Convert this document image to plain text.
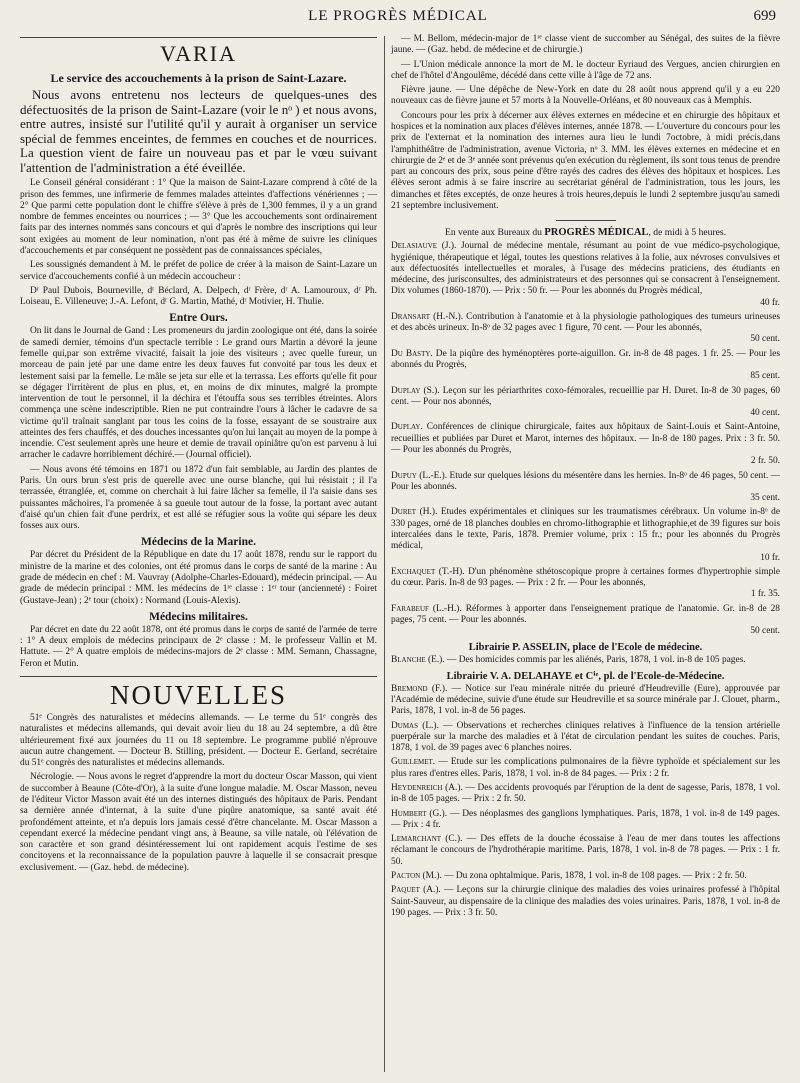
LE PROGRÈS MÉDICAL	699
VARIA
Le service des accouchements à la prison de Saint-Lazare.
Nous avons entretenu nos lecteurs de quelques-unes des défectuosités de la prison de Saint-Lazare (voir le nᵒ ) et nous avons, entre autres, insisté sur l'utilité qu'il y aurait à organiser un service spécial de femmes enceintes, de femmes en couches et de nourrices. La question vient de faire un nouveau pas et par le vœu suivant l'attention de l'administration a été éveillée.

Le Conseil général considérant : 1° Que la maison de Saint-Lazare comprend à côté de la prison des femmes, une infirmerie de femmes malades atteintes d'affections vénériennes ; — 2° Que parmi cette population dont le chiffre s'élève à près de 1,300 femmes, il y a un grand nombre de femmes enceintes ou nourrices ; — 3° Que les accouchements sont ordinairement faits par des internes nommés sans concours et qui d'après le nombre des inscriptions qui leur sont exigées au moment de leur nomination, n'ont pas été à même de suivre les cliniques d'accouchements et par conséquent ne possèdent pas de connaissances spéciales,

Les soussignés demandent à M. le préfet de police de créer à la maison de Saint-Lazare un service d'accouchements confié à un médecin accoucheur :

Dʳ Paul Dubois, Bourneville, dʳ Béclard, A. Delpech, dʳ Frère, dʳ A. Lamouroux, dʳ Ph. Loiseau, E. Villeneuve; J.-A. Lefont, dʳ G. Martin, Mathé, dʳ Motivier, H. Thulie.

Entre Ours.

On lit dans le Journal de Gand : Les promeneurs du jardin zoologique ont été, dans la soirée de samedi dernier, témoins d'un spectacle terrible : Le grand ours Martin a dévoré la jeune femelle qui,par son extrême vivacité, faisait la joie des visiteurs ; avec quelle fureur, un morceau de pain jeté par une dame entre les deux fauves fut convoité par tous les deux et lestement saisi par la femelle. Le mâle se jeta sur elle et la terrassa. Les efforts qu'elle fit pour se dégager l'irritèrent de plus en plus, et, en moins de dix minutes, malgré la prompte intervention de tout le personnel, il la déchira et l'étouffa sous ses terribles étreintes. Alors commença une scène indescriptible. Rien ne put contraindre l'ours à lâcher le cadavre de sa victime qu'il traînait sanglant par tous les coins de la fosse, essayant de se soustraire aux atteintes des fers chauffés, et des douches incessantes qu'on lui lançait au moyen de la pompe à incendie. C'est seulement après une heure et demie de travail opiniâtre qu'on est parvenu à lui arracher le cadavre horriblement déchiré.— (Journal officiel).

— Nous avons été témoins en 1871 ou 1872 d'un fait semblable, au Jardin des plantes de Paris. Un ours brun s'est pris de querelle avec une ourse blanche, qui lui résistait ; il l'a terrassée, étranglée, et, comme on cherchait à lui faire lâcher sa femelle, il l'a saisie dans ses puissantes mâchoires, l'a promenée à sa gueule tout autour de la fosse, la portant avec autant d'aisé qu'un chien fait d'une perdrix, et est allé se réfugier sous la voûte qui sépare les deux fosses aux ours.

Médecins de la Marine.

Par décret du Président de la République en date du 17 août 1878, rendu sur le rapport du ministre de la marine et des colonies, ont été promus dans le corps de santé de la marine : Au grade de médecin en chef : M. Vauvray (Adolphe-Charles-Edouard), médecin principal. — Au grade de médecin principal : MM. les médecins de 1ʳᵉ classe : 1ᵉʳ tour (ancienneté) : Foiret (Gustave-Jean) ; 2ᵉ tour (choix) : Normand (Louis-Alexis).

Médecins militaires.

Par décret en date du 22 août 1878, ont été promus dans le corps de santé de l'armée de terre : 1° A deux emplois de médecins principaux de 2ᵉ classe : M. le professeur Vallin et M. Hattute. — 2° A quatre emplois de médecins-majors de 2ᵉ classe : MM. Semann, Chassagne, Feron et Mutin.

NOUVELLES

51ᵉ Congrès des naturalistes et médecins allemands. — Le terme du 51ᵉ congrès des naturalistes et médecins allemands, qui devait avoir lieu du 18 au 24 septembre, a dû être ultérieurement fixé aux journées du 11 ou 18 septembre. Le programme publié n'éprouve aucun autre changement. — Docteur B. Stilling, président. — Docteur E. Gerland, secrétaire du 51ᵉ congrès des naturalistes et médecins allemands.

Nécrologie. — Nous avons le regret d'apprendre la mort du docteur Oscar Masson, qui vient de succomber à Beaune (Côte-d'Or), à la suite d'une longue maladie. M. Oscar Masson, neveu de l'éditeur Victor Masson avait été un des internes distingués des hôpitaux de Paris. Pendant sa dernière année d'internat, à la suite d'une piqûre anatomique, sa santé avait été profondément atteinte, et n'a depuis lors jamais cessé d'être chancelante. M. Oscar Masson a cependant exercé la médecine pendant vingt ans, à Beaune, sa ville natale, où l'élévation de son caractère et son grand désintéressement lui ont rapidement acquis l'estime de ses concitoyens et la reconnaissance de la population pauvre à laquelle il se consacrait presque exclusivement. — (Gaz. hebd. de médecine).

— M. Bellom, médecin-major de 1ʳᵉ classe vient de succomber au Sénégal, des suites de la fièvre jaune. — (Gaz. hebd. de médecine et de chirurgie.)

— L'Union médicale annonce la mort de M. le docteur Eyriaud des Vergues, ancien chirurgien en chef de l'hôtel d'Angoulême, décédé dans cette ville à l'âge de 72 ans.

Fièvre jaune. — Une dépêche de New-York en date du 28 août nous apprend qu'il y a eu 220 nouveaux cas de fièvre jaune et 57 morts à la Nouvelle-Orléans, et 80 nouveaux cas à Memphis.

Concours pour les prix à décerner aux élèves externes en médecine et en chirurgie des hôpitaux et hospices et la nomination aux places d'élèves internes, année 1878. — L'ouverture du concours pour les prix de l'externat et la nomination des internes aura lieu le lundi 7octobre, à midi précis,dans l'amphithéâtre de l'administration, avenue Victoria, nᵒ 3. MM. les élèves externes en médecine et en chirurgie de 2ᵉ et de 3ᵉ année sont prévenus qu'en exécution du règlement, ils sont tous tenus de prendre part au concours des prix, sous peine d'être rayés des cadres des élèves des hôpitaux et hospices. Les élèves seront admis à se faire inscrire au secrétariat général de l'administration, tous les jours, les dimanches et fêtes exceptés, de onze heures à trois heures,depuis le lundi 2 septembre jusqu'au samedi 21 septembre inclusivement.

En vente aux Bureaux du PROGRÈS MÉDICAL, de midi à 5 heures.
Delasiauve (J.). Journal de médecine mentale, résumant au point de vue médico-psychologique, hygiénique, thérapeutique et légal, toutes les questions relatives à la folie, aux névroses convulsives et aux défectuosités intellectuelles et morales, à l'usage des médecins praticiens, des étudiants en médecine, des jurisconsultes, des administrateurs et des personnes qui se consacrent à l'enseignement. Dix volumes (1860-1870). — Prix : 50 fr. — Pour les abonnés du Progrès médical,
40 fr.
Dransart (H.-N.). Contribution à l'anatomie et à la physiologie pathologiques des tumeurs urineuses et des abcès urineux. In-8ᵒ de 32 pages avec 1 figure, 70 cent. — Pour les abonnés,
50 cent.
Du Basty. De la piqûre des hyménoptères porte-aiguillon. Gr. in-8 de 48 pages. 1 fr. 25. — Pour les abonnés du Progrès,
85 cent.
Duplay (S.). Leçon sur les périarthrites coxo-fémorales, recueillie par H. Duret. In-8 de 30 pages, 60 cent. — Pour nos abonnés,
40 cent.
Duplay. Conférences de clinique chirurgicale, faites aux hôpitaux de Saint-Louis et Saint-Antoine, recueillies et publiées par Duret et Marot, internes des hôpitaux. — In-8 de 180 pages. Prix : 3 fr. 50. — Pour les abonnés du Progrès,
2 fr. 50.
Dupuy (L.-E.). Etude sur quelques lésions du mésentère dans les hernies. In-8ᵒ de 46 pages, 50 cent. — Pour les abonnés.
35 cent.
Duret (H.). Etudes expérimentales et cliniques sur les traumatismes cérébraux. Un volume in-8ᵒ de 330 pages, orné de 18 planches doubles en chromo-lithographie et lithographie,et de 39 figures sur bois intercalées dans le texte, Paris, 1878. Premier volume, prix : 15 fr.; pour les abonnés du Progrès médical,
10 fr.
Exchaquet (T.-H). D'un phénomène sthétoscopique propre à certaines formes d'hypertrophie simple du cœur. Paris. In-8 de 93 pages. — Prix : 2 fr. — Pour les abonnés,
1 fr. 35.
Farabeuf (L.-H.). Réformes à apporter dans l'enseignement pratique de l'anatomie. Gr. in-8 de 28 pages, 75 cent. — Pour les abonnés.
50 cent.
Librairie P. ASSELIN, place de l'Ecole de médecine.
Blanche (E.). — Des homicides commis par les aliénés, Paris, 1878, 1 vol. in-8 de 105 pages.
Librairie V. A. DELAHAYE et Cⁱᵉ, pl. de l'Ecole-de-Médecine.
Bremond (F.). — Notice sur l'eau minérale nitrée du prieuré d'Heudreville (Eure), approuvée par l'Académie de médecine, suivie d'une étude sur Heudreville et sa source minérale par J. Clouet, pharm., Paris, 1878, 1 vol. in-8 de 56 pages.
Dumas (L.). — Observations et recherches cliniques relatives à l'influence de la tension artérielle puerpérale sur la marche des maladies et à l'état de circulation pendant les suites de couches. Paris, 1878, 1 vol. de 39 pages avec 6 planches noires.
Guillemet. — Etude sur les complications pulmonaires de la fièvre typhoïde et spécialement sur les plus rares d'entres elles. Paris, 1878, 1 vol. in-8 de 84 pages. — Prix : 2 fr.
Heydenreich (A.). — Des accidents provoqués par l'éruption de la dent de sagesse, Paris, 1878, 1 vol. in-8 de 105 pages. — Prix : 2 fr. 50.
Humbert (G.). — Des néoplasmes des ganglions lymphatiques. Paris, 1878, 1 vol. in-8 de 149 pages. — Prix : 4 fr.
Lemarchant (C.). — Des effets de la douche écossaise à l'eau de mer dans toutes les affections réclamant le concours de l'hydrothérapie maritime. Paris, 1878, 1 vol. in-8 de 78 pages. — Prix : 1 fr. 50.
Pacton (M.). — Du zona ophtalmique. Paris, 1878, 1 vol. in-8 de 108 pages. — Prix : 2 fr. 50.
Paquet (A.). — Leçons sur la chirurgie clinique des maladies des voies urinaires professé à l'hôpital Saint-Sauveur, au dispensaire de la clinique des maladies des voies urinaires. Paris, 1878, 1 vol. in-8 de 190 pages. — Prix : 3 fr. 50.
